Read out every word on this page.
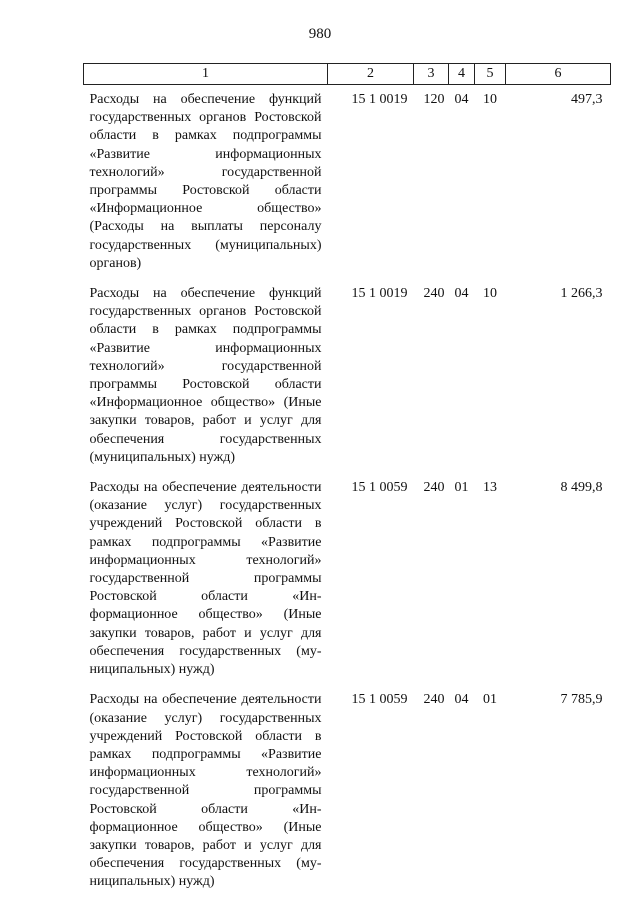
980
1	2	3	4	5	6
Расходы на обеспечение функций государственных органов Ростовской области в рамках подпрограммы «Развитие информационных технологий» государственной программы Ростовской области «Информационное общество» (Расходы на выплаты персоналу государственных (муниципальных) органов)	15 1 0019	120	04	10	497,3
Расходы на обеспечение функций государственных органов Ростовской области в рамках подпрограммы «Развитие информационных технологий» государственной программы Ростовской области «Информационное общество» (Иные закупки товаров, работ и услуг для обеспечения государственных (муниципальных) нужд)	15 1 0019	240	04	10	1 266,3
Расходы на обеспечение деятельности (оказание услуг) государственных учреждений Ростовской области в рамках подпрограммы «Развитие информационных технологий» государственной программы Ростовской области «Информационное общество» (Иные закупки товаров, работ и услуг для обеспечения государственных (муниципальных) нужд)	15 1 0059	240	01	13	8 499,8
Расходы на обеспечение деятельности (оказание услуг) государственных учреждений Ростовской области в рамках подпрограммы «Развитие информационных технологий» государственной программы Ростовской области «Информационное общество» (Иные закупки товаров, работ и услуг для обеспечения государственных (муниципальных) нужд)	15 1 0059	240	04	01	7 785,9
